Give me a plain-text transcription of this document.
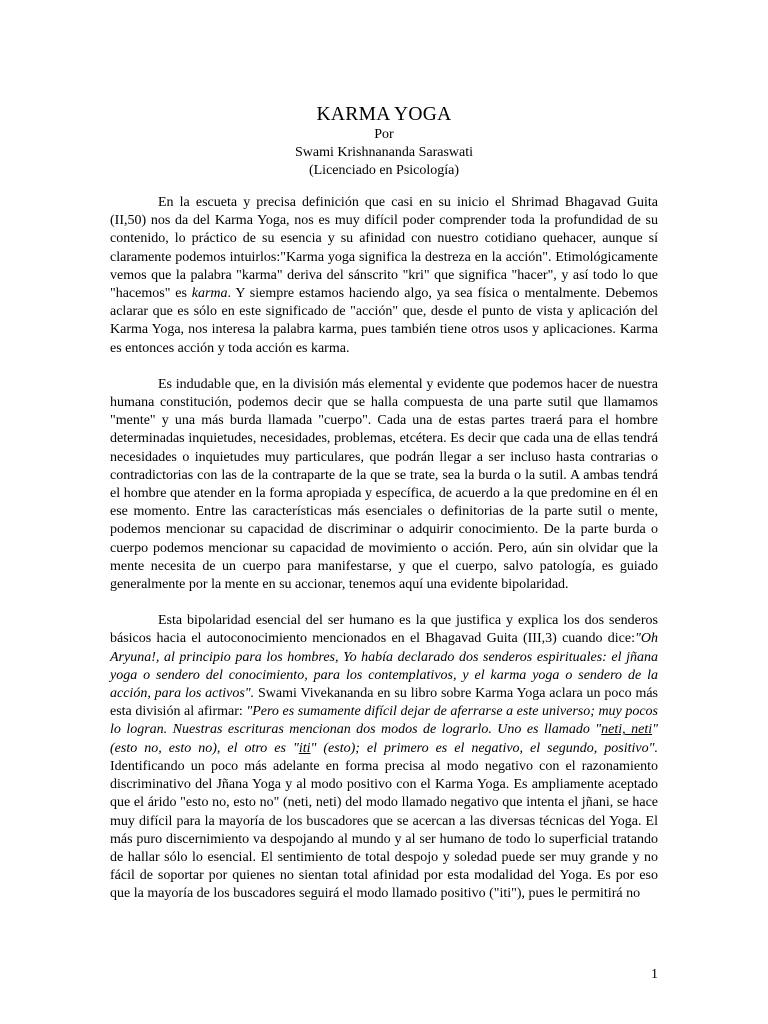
KARMA YOGA
Por
Swami Krishnananda Saraswati
(Licenciado en Psicología)

En la escueta y precisa definición que casi en su inicio el Shrimad Bhagavad Guita (II,50) nos da del Karma Yoga, nos es muy difícil poder comprender toda la profundidad de su contenido, lo práctico de su esencia y su afinidad con nuestro cotidiano quehacer, aunque sí claramente podemos intuirlos:"Karma yoga significa la destreza en la acción". Etimológicamente vemos que la palabra "karma" deriva del sánscrito "kri" que significa "hacer", y así todo lo que "hacemos" es karma. Y siempre estamos haciendo algo, ya sea física o mentalmente. Debemos aclarar que es sólo en este significado de "acción" que, desde el punto de vista y aplicación del Karma Yoga, nos interesa la palabra karma, pues también tiene otros usos y aplicaciones. Karma es entonces acción y toda acción es karma.

Es indudable que, en la división más elemental y evidente que podemos hacer de nuestra humana constitución, podemos decir que se halla compuesta de una parte sutil que llamamos "mente" y una más burda llamada "cuerpo". Cada una de estas partes traerá para el hombre determinadas inquietudes, necesidades, problemas, etcétera. Es decir que cada una de ellas tendrá necesidades o inquietudes muy particulares, que podrán llegar a ser incluso hasta contrarias o contradictorias con las de la contraparte de la que se trate, sea la burda o la sutil. A ambas tendrá el hombre que atender en la forma apropiada y específica, de acuerdo a la que predomine en él en ese momento. Entre las características más esenciales o definitorias de la parte sutil o mente, podemos mencionar su capacidad de discriminar o adquirir conocimiento. De la parte burda o cuerpo podemos mencionar su capacidad de movimiento o acción. Pero, aún sin olvidar que la mente necesita de un cuerpo para manifestarse, y que el cuerpo, salvo patología, es guiado generalmente por la mente en su accionar, tenemos aquí una evidente bipolaridad.

Esta bipolaridad esencial del ser humano es la que justifica y explica los dos senderos básicos hacia el autoconocimiento mencionados en el Bhagavad Guita (III,3) cuando dice:"Oh Aryuna!, al principio para los hombres, Yo había declarado dos senderos espirituales: el jñana yoga o sendero del conocimiento, para los contemplativos, y el karma yoga o sendero de la acción, para los activos". Swami Vivekananda en su libro sobre Karma Yoga aclara un poco más esta división al afirmar: "Pero es sumamente difícil dejar de aferrarse a este universo; muy pocos lo logran. Nuestras escrituras mencionan dos modos de lograrlo. Uno es llamado "neti, neti" (esto no, esto no), el otro es "iti" (esto); el primero es el negativo, el segundo, positivo". Identificando un poco más adelante en forma precisa al modo negativo con el razonamiento discriminativo del Jñana Yoga y al modo positivo con el Karma Yoga. Es ampliamente aceptado que el árido "esto no, esto no" (neti, neti) del modo llamado negativo que intenta el jñani, se hace muy difícil para la mayoría de los buscadores que se acercan a las diversas técnicas del Yoga. El más puro discernimiento va despojando al mundo y al ser humano de todo lo superficial tratando de hallar sólo lo esencial. El sentimiento de total despojo y soledad puede ser muy grande y no fácil de soportar por quienes no sientan total afinidad por esta modalidad del Yoga. Es por eso que la mayoría de los buscadores seguirá el modo llamado positivo ("iti"), pues le permitirá no

1
